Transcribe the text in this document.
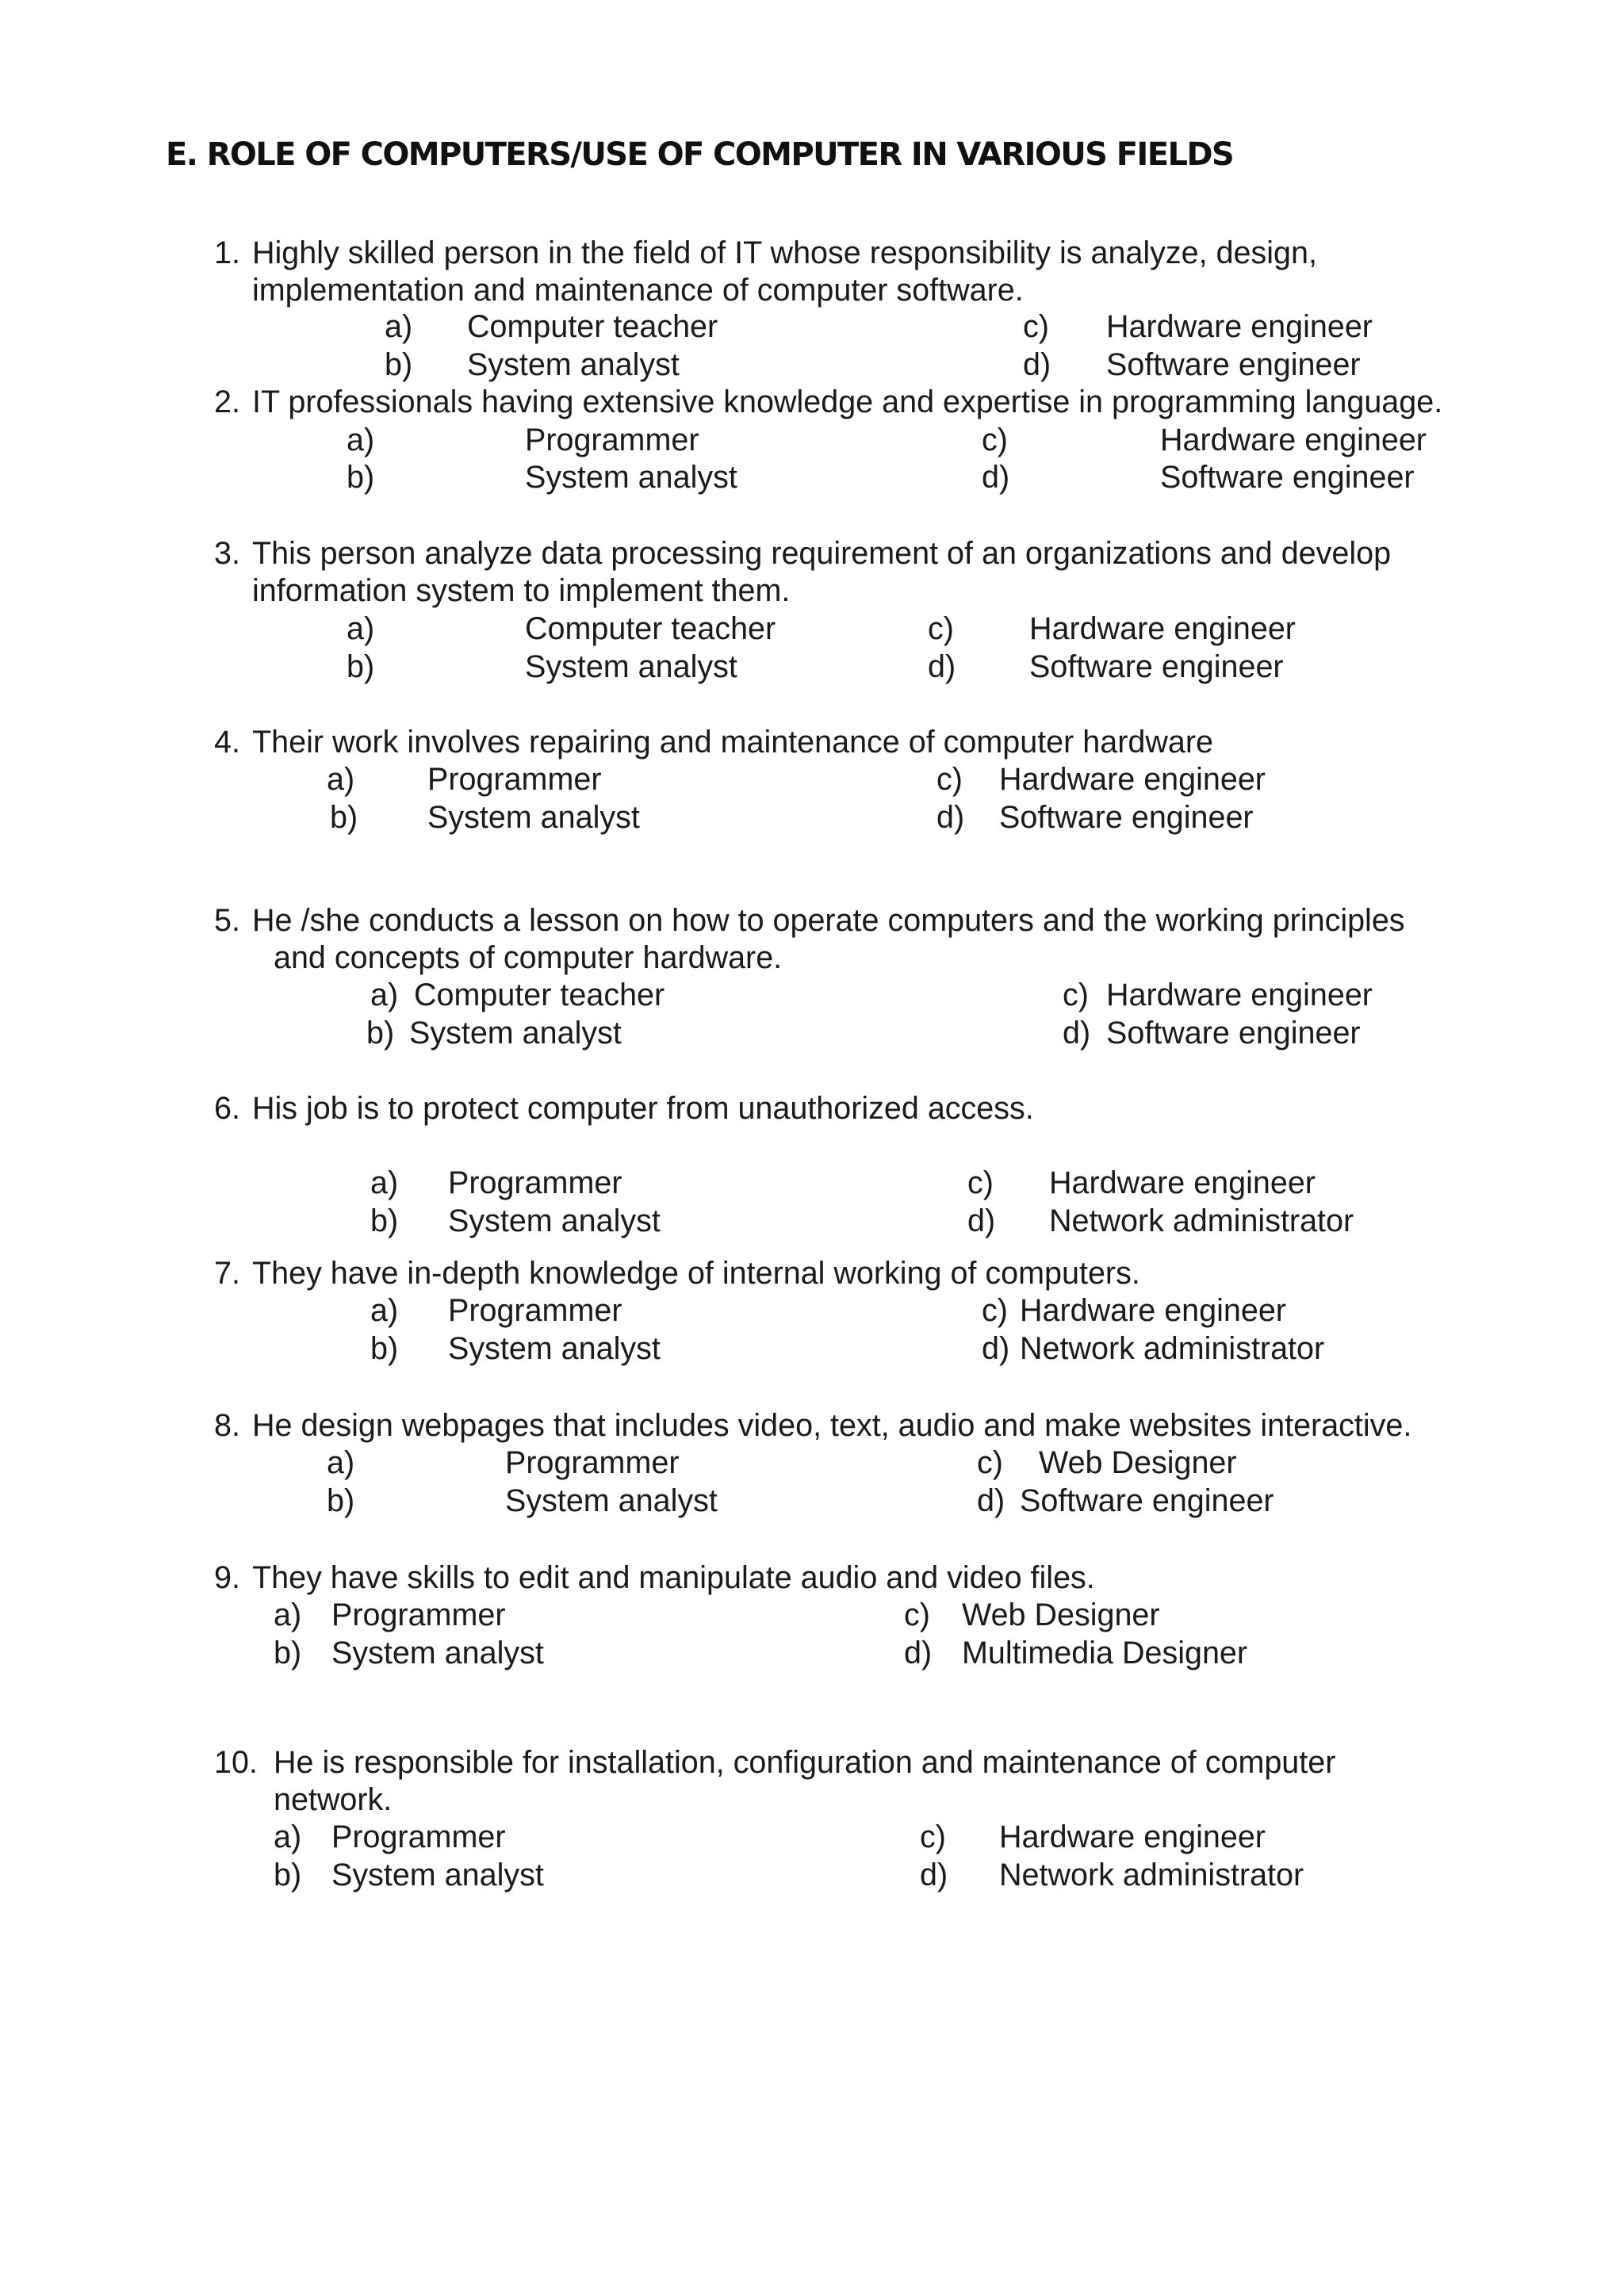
E. ROLE OF COMPUTERS/USE OF COMPUTER IN VARIOUS FIELDS
1. Highly skilled person in the field of IT whose responsibility is analyze, design,
implementation and maintenance of computer software.
a) Computer teacher
b) System analyst
c) Hardware engineer
d) Software engineer
2. IT professionals having extensive knowledge and expertise in programming language.
a)	Programmer
b)	System analyst
c)	Hardware engineer
d)	Software engineer
3. This person analyze data processing requirement of an organizations and develop
information system to implement them.
a)	Computer teacher
b)	System analyst
c) Hardware engineer
d) Software engineer
4. Their work involves repairing and maintenance of computer hardware
a) Programmer
b) System analyst
c) Hardware engineer
d) Software engineer
5. He /she conducts a lesson on how to operate computers and the working principles
and concepts of computer hardware.
a) Computer teacher
b) System analyst
c) Hardware engineer
d) Software engineer
6. His job is to protect computer from unauthorized access.
a) Programmer
b) System analyst
c) Hardware engineer
d) Network administrator
7. They have in-depth knowledge of internal working of computers.
a) Programmer
b) System analyst
c) Hardware engineer
d) Network administrator
8. He design webpages that includes video, text, audio and make websites interactive.
a)	Programmer
b)	System analyst
c) Web Designer
d) Software engineer
9. They have skills to edit and manipulate audio and video files.
a) Programmer
b) System analyst
c) Web Designer
d) Multimedia Designer
10. He is responsible for installation, configuration and maintenance of computer
network.
a) Programmer
b) System analyst
c) Hardware engineer
d) Network administrator
